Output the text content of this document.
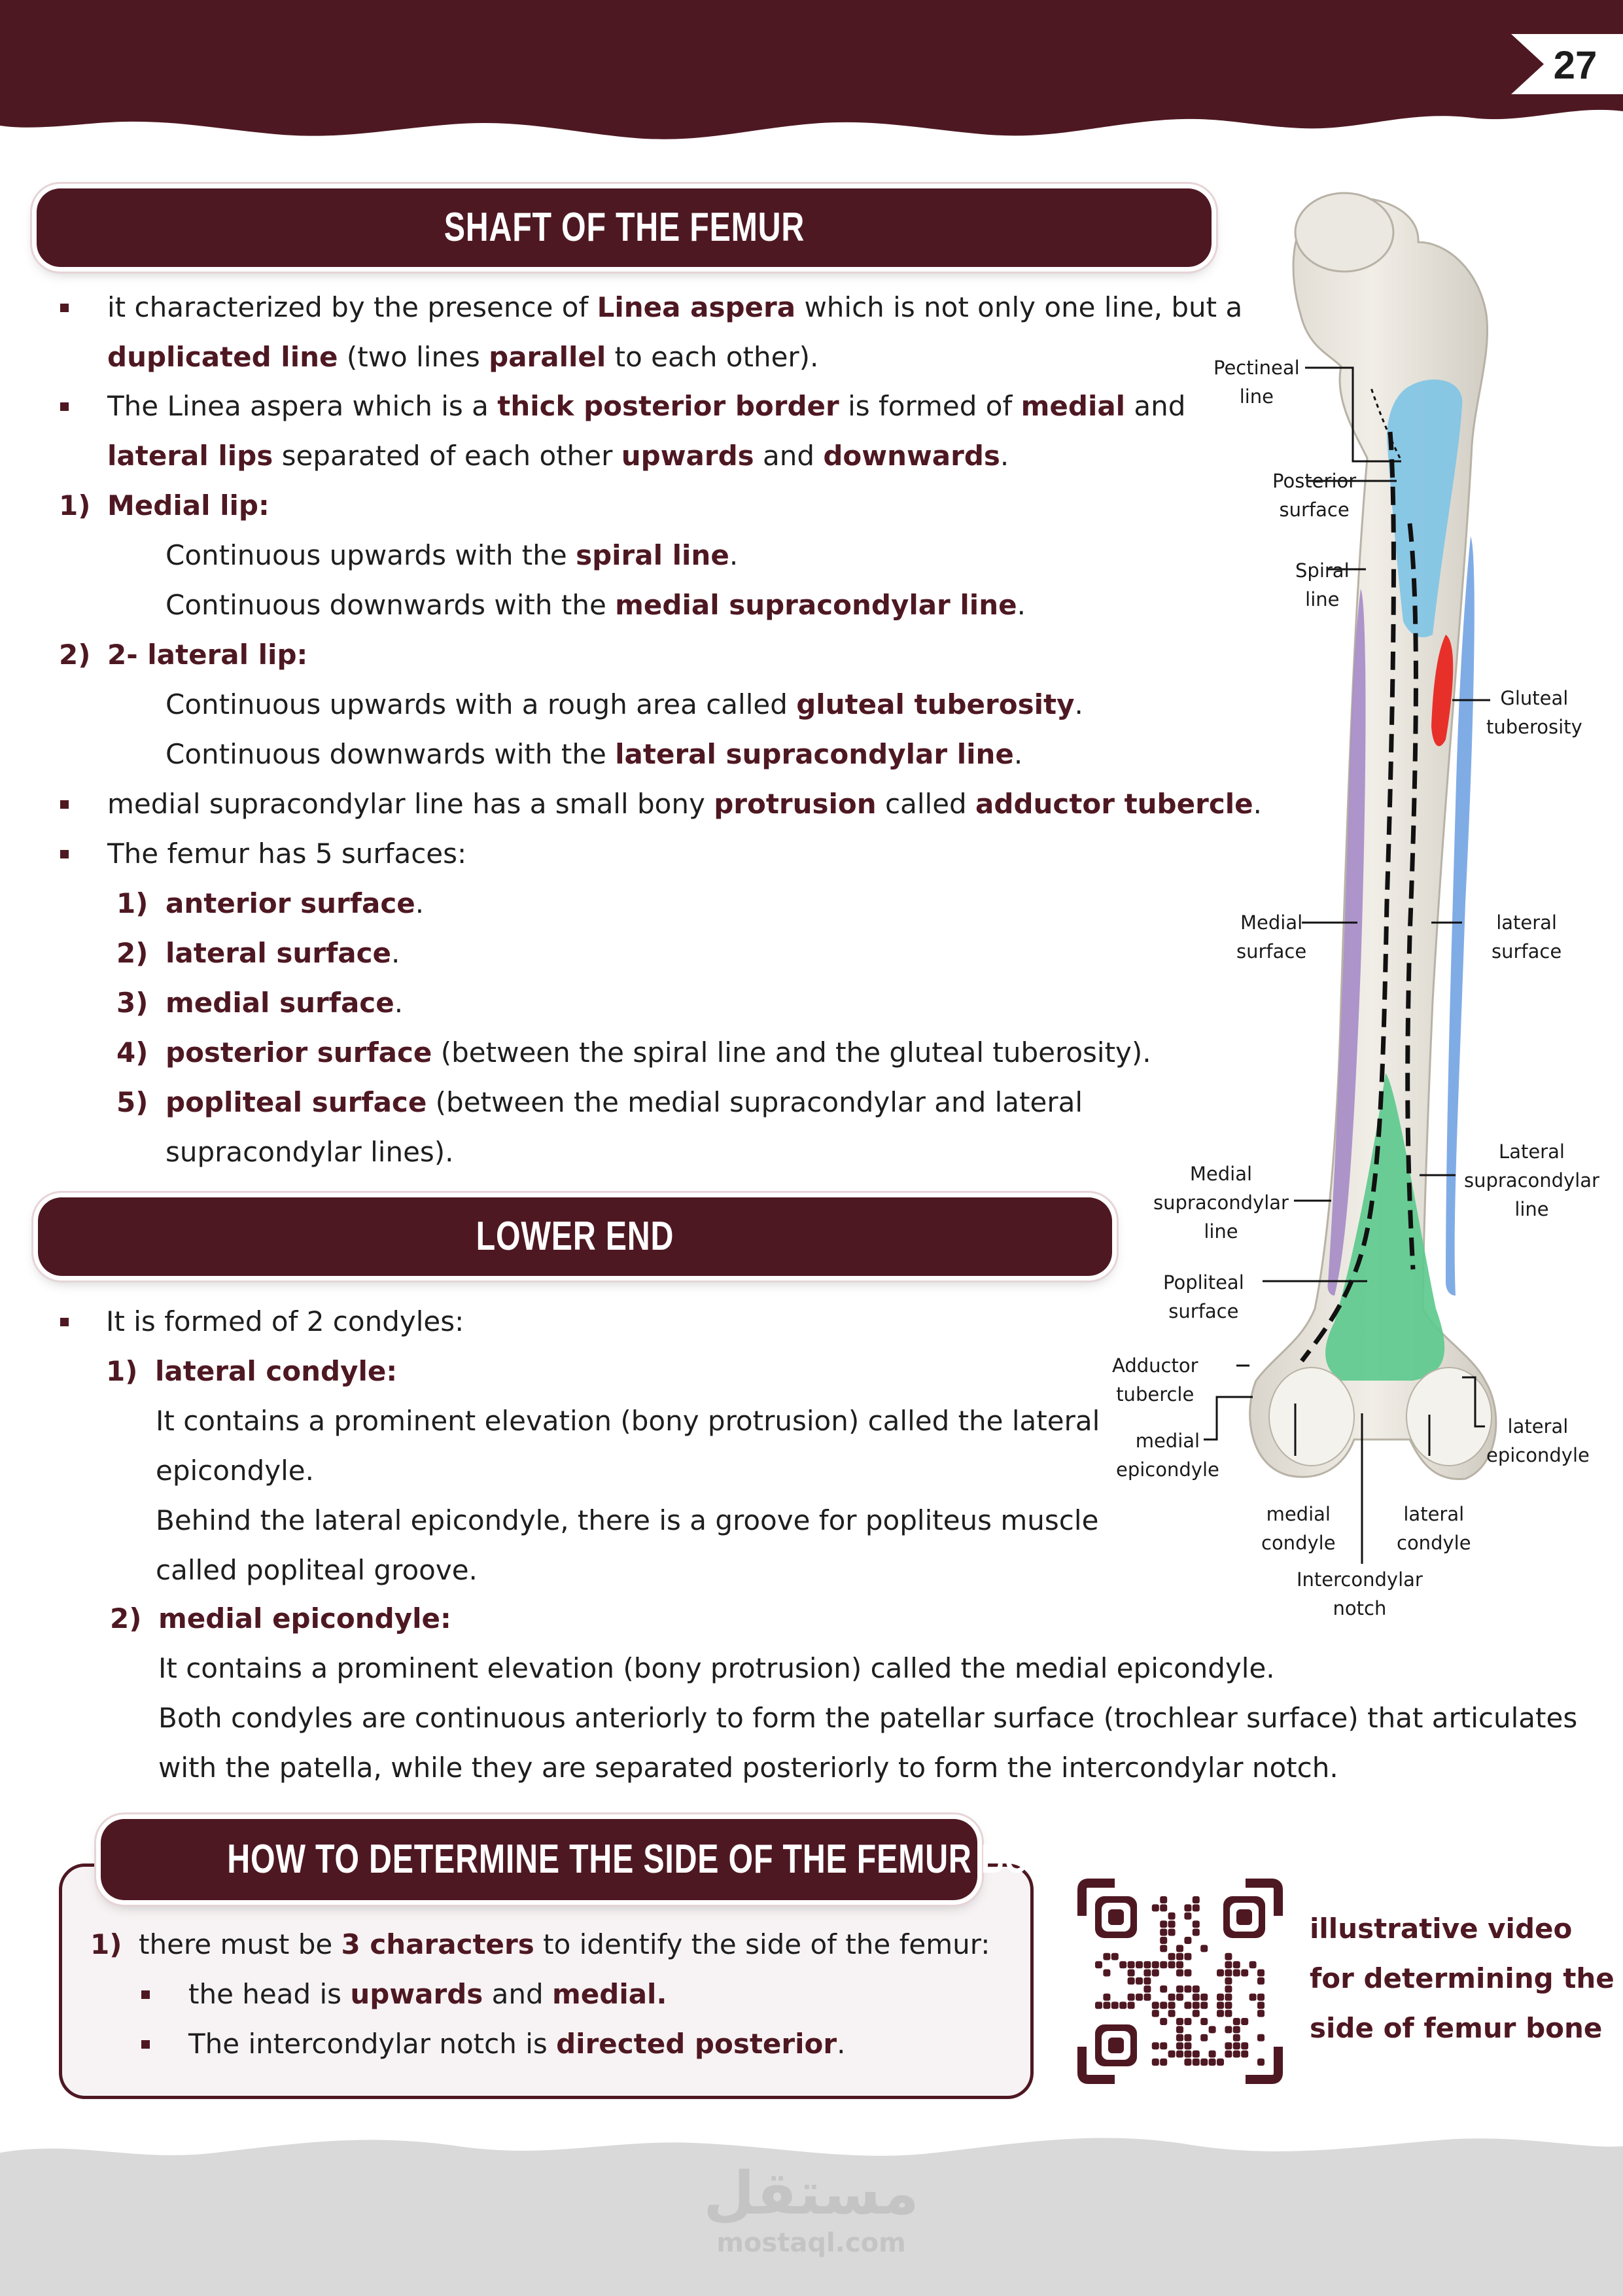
27
SHAFT OF THE FEMUR
it characterized by the presence of Linea aspera which is not only one line, but a
duplicated line (two lines parallel to each other).
The Linea aspera which is a thick posterior border is formed of medial and
lateral lips separated of each other upwards and downwards.
1) Medial lip:
Continuous upwards with the spiral line.
Continuous downwards with the medial supracondylar line.
2) 2- lateral lip:
Continuous upwards with a rough area called gluteal tuberosity.
Continuous downwards with the lateral supracondylar line.
medial supracondylar line has a small bony protrusion called adductor tubercle.
The femur has 5 surfaces:
1) anterior surface.
2) lateral surface.
3) medial surface.
4) posterior surface (between the spiral line and the gluteal tuberosity).
5) popliteal surface (between the medial supracondylar and lateral
supracondylar lines).
LOWER END
It is formed of 2 condyles:
1) lateral condyle:
It contains a prominent elevation (bony protrusion) called the lateral
epicondyle.
Behind the lateral epicondyle, there is a groove for popliteus muscle
called popliteal groove.
2) medial epicondyle:
It contains a prominent elevation (bony protrusion) called the medial epicondyle.
Both condyles are continuous anteriorly to form the patellar surface (trochlear surface) that articulates
with the patella, while they are separated posteriorly to form the intercondylar notch.
Pectineal
line
Posterior
surface
Spiral
line
Gluteal
tuberosity
Medial
surface
lateral
surface
Lateral
supracondylar
line
Medial
supracondylar
line
Popliteal
surface
Adductor
tubercle
medial
epicondyle
lateral
epicondyle
medial
condyle
lateral
condyle
Intercondylar
notch
HOW TO DETERMINE THE SIDE OF THE FEMUR BONE ??
1) there must be 3 characters to identify the side of the femur:
the head is upwards and medial.
The intercondylar notch is directed posterior.
illustrative video
for determining the
side of femur bone
مستقل
mostaql.com
